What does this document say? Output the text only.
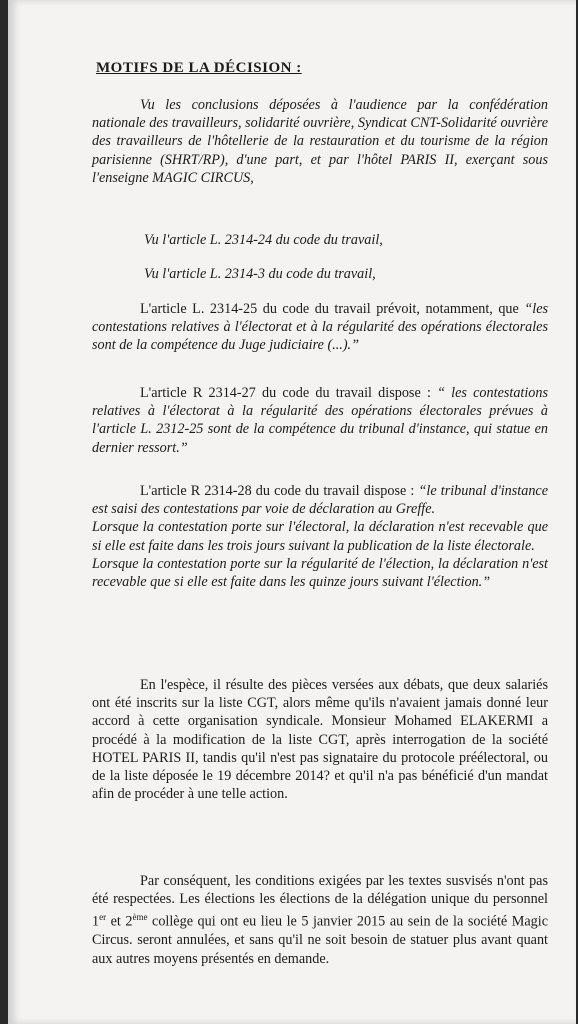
MOTIFS DE LA DÉCISION :

Vu les conclusions déposées à l'audience par la confédération nationale des travailleurs, solidarité ouvrière, Syndicat CNT-Solidarité ouvrière des travailleurs de l'hôtellerie de la restauration et du tourisme de la région parisienne (SHRT/RP), d'une part, et par l'hôtel PARIS II, exerçant sous l'enseigne MAGIC CIRCUS,

Vu l'article L. 2314-24 du code du travail,
Vu l'article L. 2314-3 du code du travail,

L'article L. 2314-25 du code du travail prévoit, notamment, que “les contestations relatives à l'électorat et à la régularité des opérations électorales sont de la compétence du Juge judiciaire (...).”

L'article R 2314-27 du code du travail dispose : “ les contestations relatives à l'électorat à la régularité des opérations électorales prévues à l'article L. 2312-25 sont de la compétence du tribunal d'instance, qui statue en dernier ressort.”

L'article R 2314-28 du code du travail dispose : “le tribunal d'instance est saisi des contestations par voie de déclaration au Greffe.

Lorsque la contestation porte sur l'électoral, la déclaration n'est recevable que si elle est faite dans les trois jours suivant la publication de la liste électorale.

Lorsque la contestation porte sur la régularité de l'élection, la déclaration n'est recevable que si elle est faite dans les quinze jours suivant l'élection.”

En l'espèce, il résulte des pièces versées aux débats, que deux salariés ont été inscrits sur la liste CGT, alors même qu'ils n'avaient jamais donné leur accord à cette organisation syndicale. Monsieur Mohamed ELAKERMI a procédé à la modification de la liste CGT, après interrogation de la société HOTEL PARIS II, tandis qu'il n'est pas signataire du protocole préélectoral, ou de la liste déposée le 19 décembre 2014? et qu'il n'a pas bénéficié d'un mandat afin de procéder à une telle action.

Par conséquent, les conditions exigées par les textes susvisés n'ont pas été respectées. Les élections les élections de la délégation unique du personnel 1er et 2ème collège qui ont eu lieu le 5 janvier 2015 au sein de la société Magic Circus. seront annulées, et sans qu'il ne soit besoin de statuer plus avant quant aux autres moyens présentés en demande.
